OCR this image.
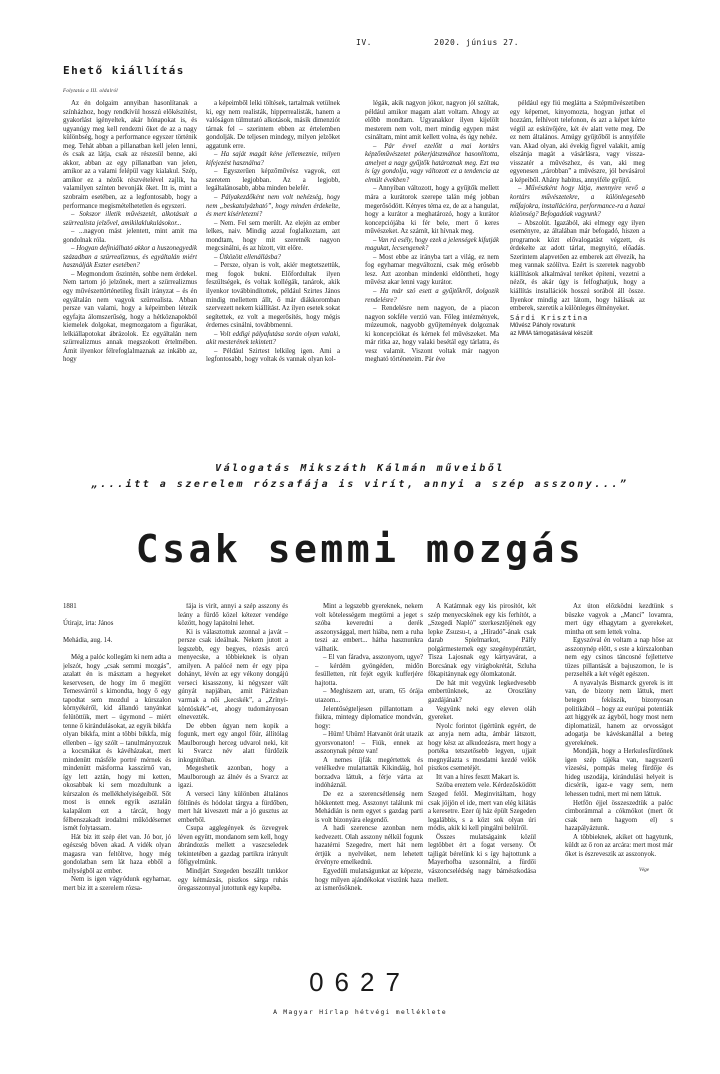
IV.	2020. június 27.
Ehető kiállítás
Folytatás a III. oldalról

Az én dolgaim annyiban hasonlítanak a színházhoz, hogy rendkívül hosszú előkészítést, gyakorlást igényeltek, akár hónapokat is, és ugyanúgy meg kell rendezni őket de az a nagy különbség, hogy a performance egyszer történik meg. Tehát abban a pillanatban kell jelen lenni, és csak az látja, csak az részesül benne, aki akkor, abban az egy pillanatban van jelen, amikor az a valami felépül vagy kialakul. Szép, amikor ez a nézők részvételével zajlik, ha valamilyen színten bevonják őket. Itt is, mint a szobraim esetében, az a legfontosabb, hogy a performance megismételhetetlen és egyszeri.

– Sokszor illetik művészetét, alkotásait a szürrealista jelzővel, amikilaklukulásokor...

– ...nagyon mást jelentett, mint amit ma gondolnak róla.

– Hogyan definiálható akkor a huszonegyedik században a szürrealizmus, és egyáltalán miért használják Eszter esetében?

– Megmondom őszintén, sohbe nem érdekel. Nem tartom jó jelzőnek, mert a szürrealizmus egy művészettörténetileg fixált irányzat – és én egyáltalán nem vagyok szürrealista. Abban persze van valami, hogy a képeimben létezik egyfajta álomszerűség, hogy a hétköznapokból kiemelek dolgokat, megmozgatom a figurákat, lelkiállapotokat ábrázolok. Ez egyáltalán nem szürrealizmus annak megszokott értelmében. Ámit ilyenkor félrefoglalmaznak az inkább az, hogy

a képeimből lelki töltések, tartalmak vetülnek ki, egy nem realisták, hipperrealisták, hanem a valóságon túlmutató alkotások, másik dimenziót tárnak fel – szerintem ebben az értelemben gondolják. De teljesen mindegy, milyen jelzőket aggatunk erre.

– Ha saját magát kéne jellemeznie, milyen kifejezést használna?

– Egyszerűen képzőművész vagyok, ezt szeretem legjobban. Az a legjobb, legáltalánosabb, abba minden belefér.

– Pályakezdőként nem volt nehézség, hogy nem „beskatulyázható”, hogy minden érdekelte, és mert kísérletezni?

– Nem. Fel sem merült. Az elején az ember lelkes, naiv. Mindig azzal foglalkoztam, azt mondtam, hogy mit szeretnék nagyon megcsinálni, és az hízott, vitt előre.

– Ütközött ellenállásba?

– Persze, olyan is volt, akiér megtetszettük, meg fogok bukni. Előfordultak ilyen feszültségek, és voltak kollégák, tanárok, akik ilyenkor továbbindítottek, például Szirtes János mindig mellettem állt, ő már diákkoromban szervezett nekem kiállítást. Az ilyen esetek sokat segítettek, ez volt a megerősítés, hogy mégis érdemes csinálni, továbbmenni.

– Volt eddigi pályafutása során olyan valaki, akit mesterének tekintett?

– Például Szirtest lelkileg igen. Ami a legfontosabb, hogy voltak és vannak olyan kol-

légák, akik nagyon jókor, nagyon jól szóltak, például amikor magam alatt voltam. Ahogy az előbb mondtam. Ugyanakkor ilyen kijelölt mesterem nem volt, mert mindig egypen mást csináltam, mint amit kellett volna, és úgy nehéz.

– Pár évvel ezelőtt a mai kortárs képzőművészetet pókerjátszmához hasonlította, amelyet a nagy gyűjtők határoznak meg. Ezt ma is így gondolja, vagy változott ez a tendencia az elmúlt években?

– Annyiban változott, hogy a gyűjtők mellett mára a kurátorok szerepe talán még jobban megerősödött. Kényes téma ez, de az a hangulat, hogy a kurátor a meghatározó, hogy a kurátor koncepciójába ki fér bele, mert ő keres művészeket. Az számít, kit hívnak meg.

– Van rá esély, hogy ezek a jelenségek kifutják magukat, lecsengenek?

– Most ebbe az irányba tart a világ, ez nem fog egyhamar megváltozni, csak még erősebb lesz. Azt azonban mindenki eldöntheti, hogy művész akar lenni vagy kurátor.

– Ha már szó esett a gyűjtőkről, dolgozik rendelésre?

– Rendelésre nem nagyon, de a piacon nagyon sokféle verzió van. Főleg intézmények, múzeumok, nagyobb gyűjtemények dolgoznak ki koncepciókat és kérnek fel művészeket. Ma már ritka az, hogy valaki besétál egy tárlatra, és vesz valamit. Viszont voltak már nagyon megható történeteim. Pár éve

például egy fiú meglátta a Szépművészetiben egy képemet, kinyomozta, hogyan juthat el hozzám, felhívott telefonon, és azt a képet kérte végül az esküvőjére, két év alatt vette meg. De ez nem általános. Amúgy gyűjtőből is annyiféle van. Akad olyan, aki évekig figyel valakit, amíg elszánja magát a vásárlásra, vagy vissza-visszatér a művészhez, és van, aki meg egyenesen „rárobban” a művészre, jól bevásárol a képeiből. Ahány habitus, annyiféle gyűjtő.

– Művészként hogy látja, mennyire vevő a kortárs művészetekre, a különlegesebb műfajokra, installációra, performance-ra a hazai közönség? Befogadóak vagyunk?

– Abszolút. Igazából, aki elmegy egy ilyen eseményre, az általában már befogadó, hiszen a programok közt elővalogatást végzett, és érdekelte az adott tárlat, megnyitó, előadás. Szerintem alapvetően az emberek azt élvezik, ha meg vannak szólítva. Ezért is szeretek nagyobb kiállítások alkalmával teréket építeni, vezetni a nézőt, és akár úgy is felfoghatjuk, hogy a kiállítás installációk hosszú sorából áll össze. Ilyenkor mindig azt látom, hogy hálásak az emberek, szeretik a különleges élményeket.

Sárdi Krisztina

Művész Páholy rovatunk

az MMA támogatásával készült

Válogatás Mikszáth Kálmán műveiből
„...itt a szerelem rózsafája is virít, annyi a szép asszony...”
Csak semmi mozgás

1881

Útirajz, írta: János

Mehádia, aug. 14.

Még a palóc kollegám ki nem adta a jelszót, hogy „csak semmi mozgás”, azalatt én is másztam a hegyeket keservesen, de hogy ím ő megjött Temesvárról s kimondta, hogy ő egy tapodtat sem mozdul a kúrszalon környékéről, kid állandó tanyánkat felütöttük, mert – úgymond – miért tenne ő kirándulásokat, az egyik bikkfa olyan bikkfa, mint a többi bikkfa, míg ellenben – így szólt – tanulmányozzuk a kocsmákat és kávéházakat, mert mindenütt másféle portré mérnek és mindenütt másforma kasszírnő van, így lett aztán, hogy mi ketten, okosabbak ki sem mozdultunk a kúrszalon és mellékhelyiségeiből. Sőt most is ennek egyik asztalán kalapálom ezt a tárcát, hogy félbenszakadt irodalmi működésemet ismét folytassam.

Hát biz itt szép élet van. Jó bor, jó egészség bőven akad. A vidék olyan magasra van feltöltve, hogy még gondolatban sem lát haza ebből a mélységből az ember.

Nem is igen vágyódunk egyhamar, mert biz itt a szerelem rózsa-

fája is virít, annyi a szép asszony és leány a fürdő közel kétezer vendége között, hogy lapátolni lehet.

Ki is választottuk azonnal a javát – persze csak ideálnak. Nekem jutott a legszebb, egy begyes, rózsás arcú menyecske, a többieknek is olyan amilyen. A palócé nem ér egy pipa dohányt, lévén az egy vékony dongájú verseci kisasszony, ki négyszer vált gúnyát napjában, amit Párizsban varrnak a női „kecskék”, a „Zrínyi-köntöskék”-et, ahogy tudományosan elnevezték.

De ebben úgyan nem kopik a fogunk, mert egy angol főúr, állítólag Maulborough herceg udvarol neki, kit ki Svarcz név alatt fürdőzik inkognitóban.

Megeshetik azonban, hogy a Maulborough az álnév és a Svarcz az igazi.

A verseci lány különben általános föltűnés és hódolat tárgya a fürdőben, mert hát kiveszett már a jó gusztus az emberből.

Csupa agglegények és özvegyek léven együtt, mondanom sem kell, hogy ábrándozás mellett a vaszcseledek tekintetében a gazdag partikra irányult főfigyelmünk.

Mindjárt Szegeden beszállt tunkkor egy kétmázsás, piszkos sárga ruhás öregasszonnyal jutottunk egy kupéba.

Mint a legszebb gyereknek, nekem volt kötelességem megtörni a jeget s szóba keveredni a derék asszonysággal, mert hiába, nem a ruha teszi az embert... hátha hasznunkra válhatik.

– El van fáradva, asszonyom, ugye? – kérdém gyöngéden, midőn fesülletten, rút fejét egyik kufferjére hajtotta.

– Meghiszem azt, uram, 65 órája utazom...

Jelentőségteljesen pillantottam a fiúkra, mintegy diplomatice mondván, hogy:

– Hüm! Uhüm! Hatvanöt órát utazik gyorsvonaton! – Fiúk, ennek az asszonynak pénze van!

A nemes íjfák megértettek és vetélkedve mulattatták Kikindáig, hol borzadva láttuk, a férje várta az indóháznál.

De ez a szerencsétlenség nem hökkentett meg. Asszonyt találunk mi Mehádián is nem egyet s gazdag parti is volt bizonyára elegendő.

A hadi szerencse azonban nem kedvezett. Olah asszony nélkül fogunk hazatérni Szegedre, mert hát nem értjük a nyelvüket, nem lehetett érvényre emelkednü.

Egyedüli mulatságunkat az képezte, hogy milyen ajándékokat viszünk haza az ismerősöknek.

A Katámnak egy kis pirosítót, két szép menyecskének egy kis ferhítót, a „Szegedi Napló” szerkesztőjének egy lepke Zsuzsu-t, a „Híradó”-ának csak darab Spielmarkot, Pálfy polgármesternek egy szegénypénztárt, Tisza Lajosnak egy kártyavárat, a Borcsának egy virágbokrétát, Szluha főkapitánynak egy ólomkatonát.

De hát mit vegyünk legkedvesebb embertünknek, az Oroszlány gazdájának?

Vegyünk neki egy eleven oláh gyereket.

Nyolc forintot (igértünk egyért, de az anyja nem adta, ámbár látszott, hogy kész az alkudozásra, mert hogy a portéka tetszetősebb legyen, ujjait megnyálazta s mosdatni kezdé velök piszkos csemetéjét.

Itt van a híres fesztt Makart is.

Szóba ereztem vele. Kérdezősködött Szeged felől. Meginvitáltam, hogy csak jöjjön el ide, mert van elég kilátás a keresetre. Ezer új ház épült Szegeden legalábbis, s a közt sok olyan úri módis, akik ki kell pingálni belülről.

Összes mulatságaink közül legtöbbet ért a fogat verseny. Öt tajligát bérelünk ki s így hajtottunk a Mayerhofba uzsonnálni, a fürdői vászoncselédség nagy bámészkodása mellett.

Az úton előzködni kezdtünk s büszke vagyok a „Manci” lovamra, mert úgy elhagytam a gyerekeket, mintha ott sem lettek volna.

Egyszóval én voltam a nap hőse az asszonynép előtt, s este a kúrszalonban nem egy csinos táncosné fejlettetve tüzes pillantását a bajuszomon, le is perzselték a két végét egészen.

A nyavalyás Bismarck gyerek is itt van, de bizony nem láttuk, mert betegen feküszik, bizonyosan politikából – hogy az európai potentiák azt higgyék az ágyból, hogy most nem diplomatizál, hanem az orvosságot adogatja be kávéskanállal a beteg gyerekének.

Mondják, hogy a Herkulesfürdőnek igen szép tájéka van, nagyszerű vízesési, pompás meleg fürdője és hideg uszodája, kirándulási helyeit is dicsérik, igaz-e vagy sem, nem lehessen tudni, mert mi nem láttuk.

Hetfőn éjjel összeszedtük a palóc cimborámmal a cókmókot (mert őt csak nem hagyom el) s hazapályáztunk.

A többieknek, akiket ott hagytunk, küldt az ő ron az arcára: mert most már őket is észreveszik az asszonyok.

Vége
0627
A Magyar Hírlap hétvégi melléklete
